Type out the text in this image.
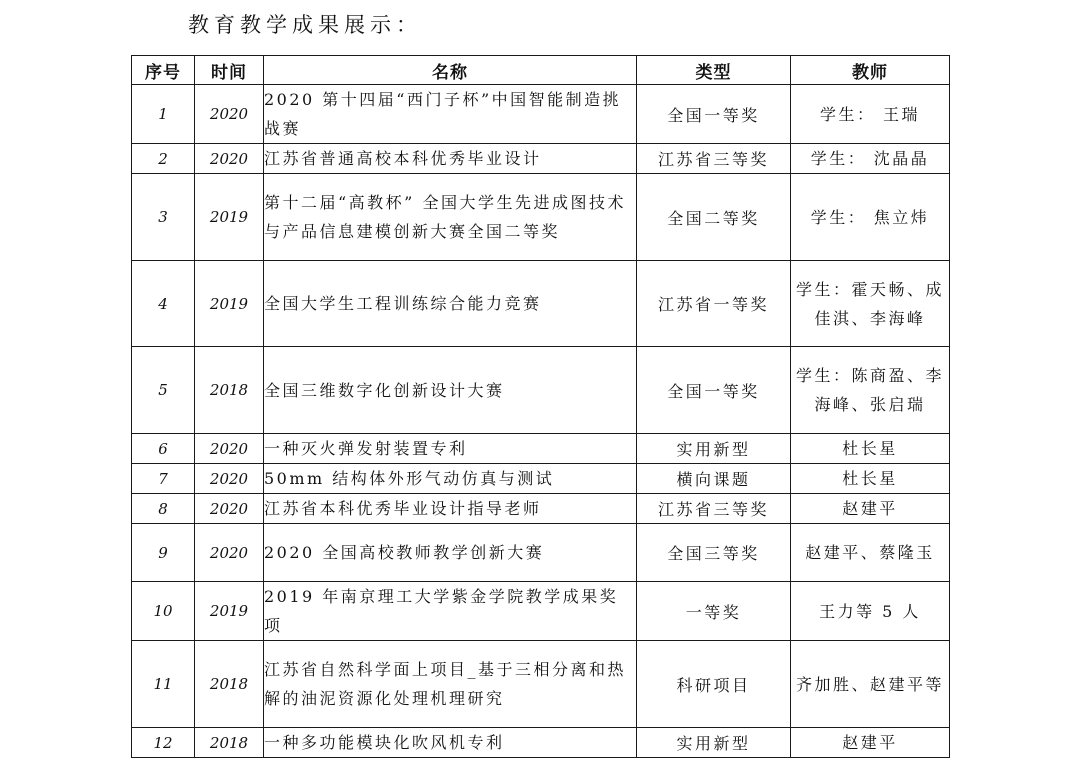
教育教学成果展示：
序号	时间	名称	类型	教师
1	2020	2020 第十四届“西门子杯”中国智能制造挑战赛	全国一等奖	学生： 王瑞
2	2020	江苏省普通高校本科优秀毕业设计	江苏省三等奖	学生： 沈晶晶
3	2019	第十二届“高教杯” 全国大学生先进成图技术与产品信息建模创新大赛全国二等奖	全国二等奖	学生： 焦立炜
4	2019	全国大学生工程训练综合能力竞赛	江苏省一等奖	学生：霍天畅、成佳淇、李海峰
5	2018	全国三维数字化创新设计大赛	全国一等奖	学生：陈商盈、李海峰、张启瑞
6	2020	一种灭火弹发射装置专利	实用新型	杜长星
7	2020	50mm 结构体外形气动仿真与测试	横向课题	杜长星
8	2020	江苏省本科优秀毕业设计指导老师	江苏省三等奖	赵建平
9	2020	2020 全国高校教师教学创新大赛	全国三等奖	赵建平、蔡隆玉
10	2019	2019 年南京理工大学紫金学院教学成果奖项	一等奖	王力等 5 人
11	2018	江苏省自然科学面上项目_基于三相分离和热解的油泥资源化处理机理研究	科研项目	齐加胜、赵建平等
12	2018	一种多功能模块化吹风机专利	实用新型	赵建平
